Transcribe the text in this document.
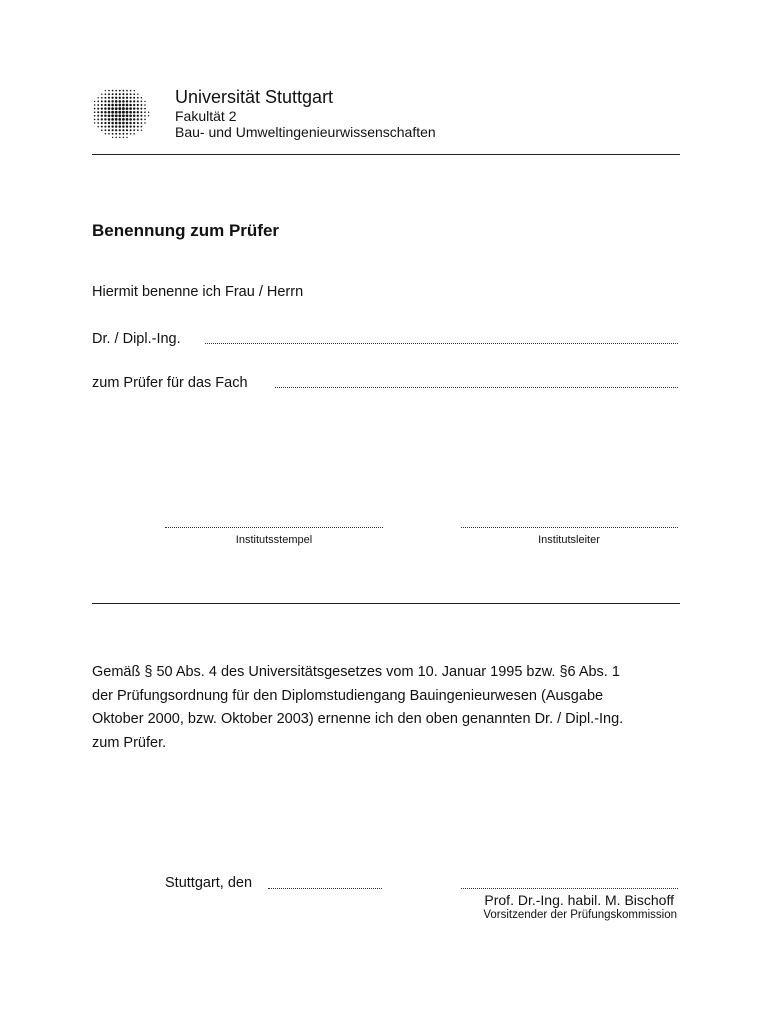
Universität Stuttgart
Fakultät 2
Bau- und Umweltingenieurwissenschaften
Benennung zum Prüfer
Hiermit benenne ich Frau / Herrn
Dr. / Dipl.-Ing.
zum Prüfer für das Fach
Institutsstempel	Institutsleiter
Gemäß § 50 Abs. 4 des Universitätsgesetzes vom 10. Januar 1995 bzw. §6 Abs. 1
der Prüfungsordnung für den Diplomstudiengang Bauingenieurwesen (Ausgabe
Oktober 2000, bzw. Oktober 2003) ernenne ich den oben genannten Dr. / Dipl.-Ing.
zum Prüfer.
Stuttgart, den
Prof. Dr.-Ing. habil. M. Bischoff
Vorsitzender der Prüfungskommission
